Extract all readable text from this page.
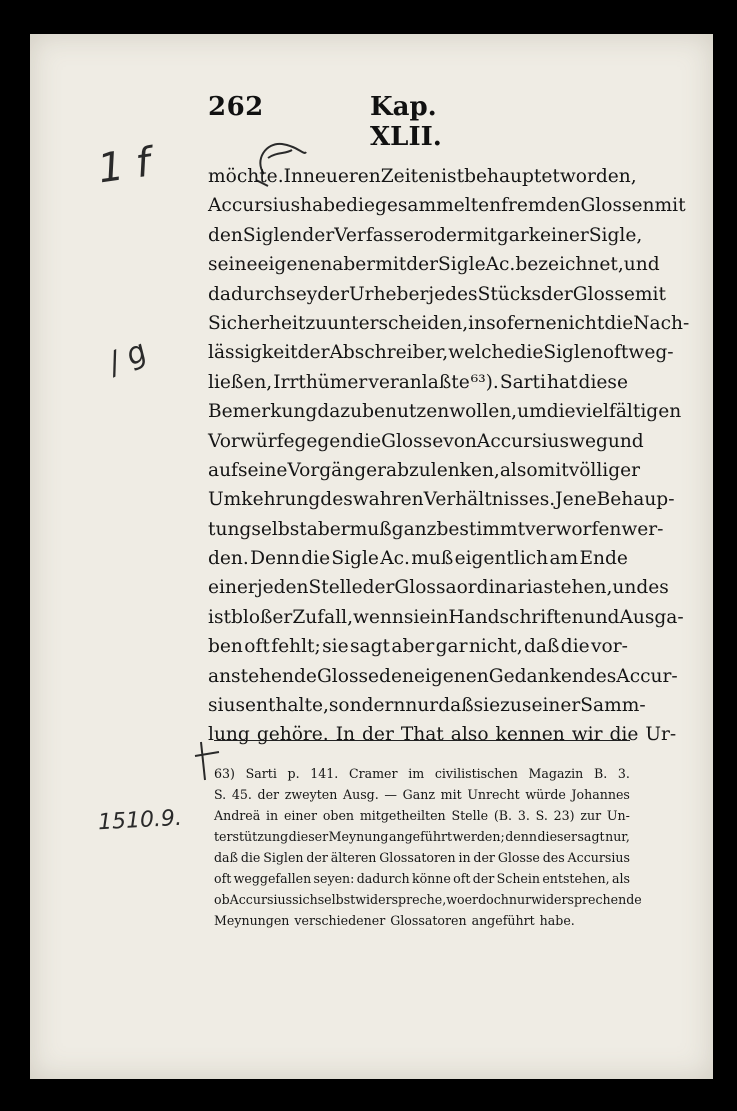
262	Kap. XLII.
möchte. In neueren Zeiten ist behauptet worden,
Accursius habe die gesammelten fremden Glossen mit
den Siglen der Verfasser oder mit gar keiner Sigle,
seine eigenen aber mit der Sigle Ac. bezeichnet, und
dadurch sey der Urheber jedes Stücks der Glosse mit
Sicherheit zu unterscheiden, insoferne nicht die Nach-
lässigkeit der Abschreiber, welche die Siglen oft weg-
ließen, Irrthümer veranlaßte ⁶³). Sarti hat diese
Bemerkung dazu benutzen wollen, um die vielfältigen
Vorwürfe gegen die Glosse von Accursius weg und
auf seine Vorgänger abzulenken, also mit völliger
Umkehrung des wahren Verhältnisses. Jene Behaup-
tung selbst aber muß ganz bestimmt verworfen wer-
den. Denn die Sigle Ac. muß eigentlich am Ende
einer jeden Stelle der Glossa ordinaria stehen, und es
ist bloßer Zufall, wenn sie in Handschriften und Ausga-
ben oft fehlt; sie sagt aber gar nicht, daß die vor-
anstehende Glosse den eigenen Gedanken des Accur-
sius enthalte, sondern nur daß sie zu seiner Samm-
lung gehöre. In der That also kennen wir die Ur-
63) Sarti p. 141. Cramer im civilistischen Magazin B. 3.
S. 45. der zweyten Ausg. — Ganz mit Unrecht würde Johannes
Andreä in einer oben mitgetheilten Stelle (B. 3. S. 23) zur Un-
terstützung dieser Meynung angeführt werden; denn dieser sagt nur,
daß die Siglen der älteren Glossatoren in der Glosse des Accursius
oft weggefallen seyen: dadurch könne oft der Schein entstehen, als
ob Accursius sich selbst widerspreche, wo er doch nur widersprechende
Meynungen verschiedener Glossatoren angeführt habe.
1 f
/ g
1510.9.
